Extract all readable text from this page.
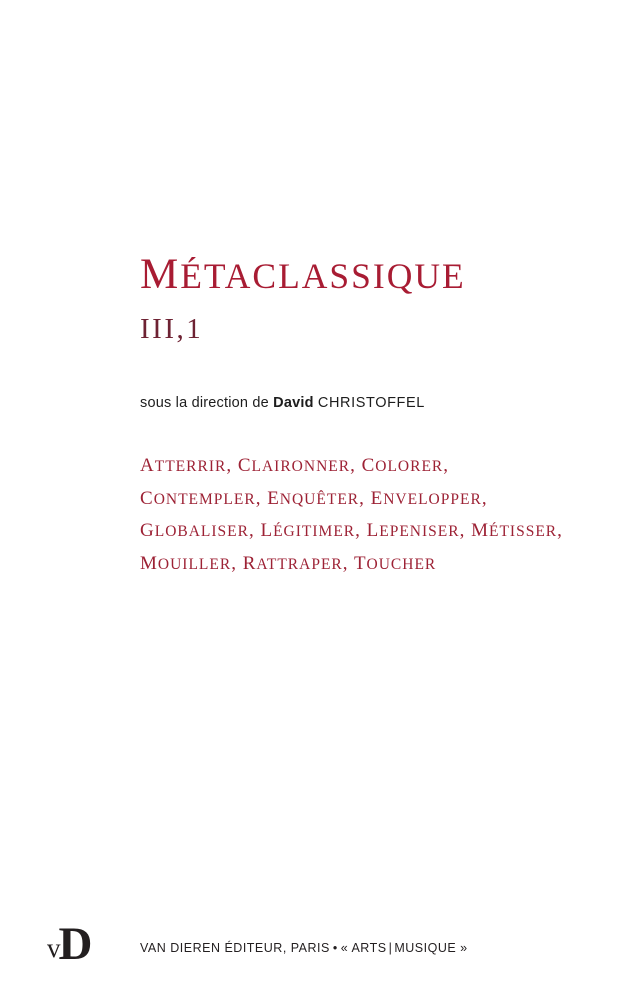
MÉTACLASSIQUE
III,1
sous la direction de David CHRISTOFFEL
ATTERRIR, CLAIRONNER, COLORER,
CONTEMPLER, ENQUÊTER, ENVELOPPER,
GLOBALISER, LÉGITIMER, LEPENISER, MÉTISSER,
MOUILLER, RATTRAPER, TOUCHER
vD	VAN DIEREN ÉDITEUR, PARIS • « ARTS | MUSIQUE »
